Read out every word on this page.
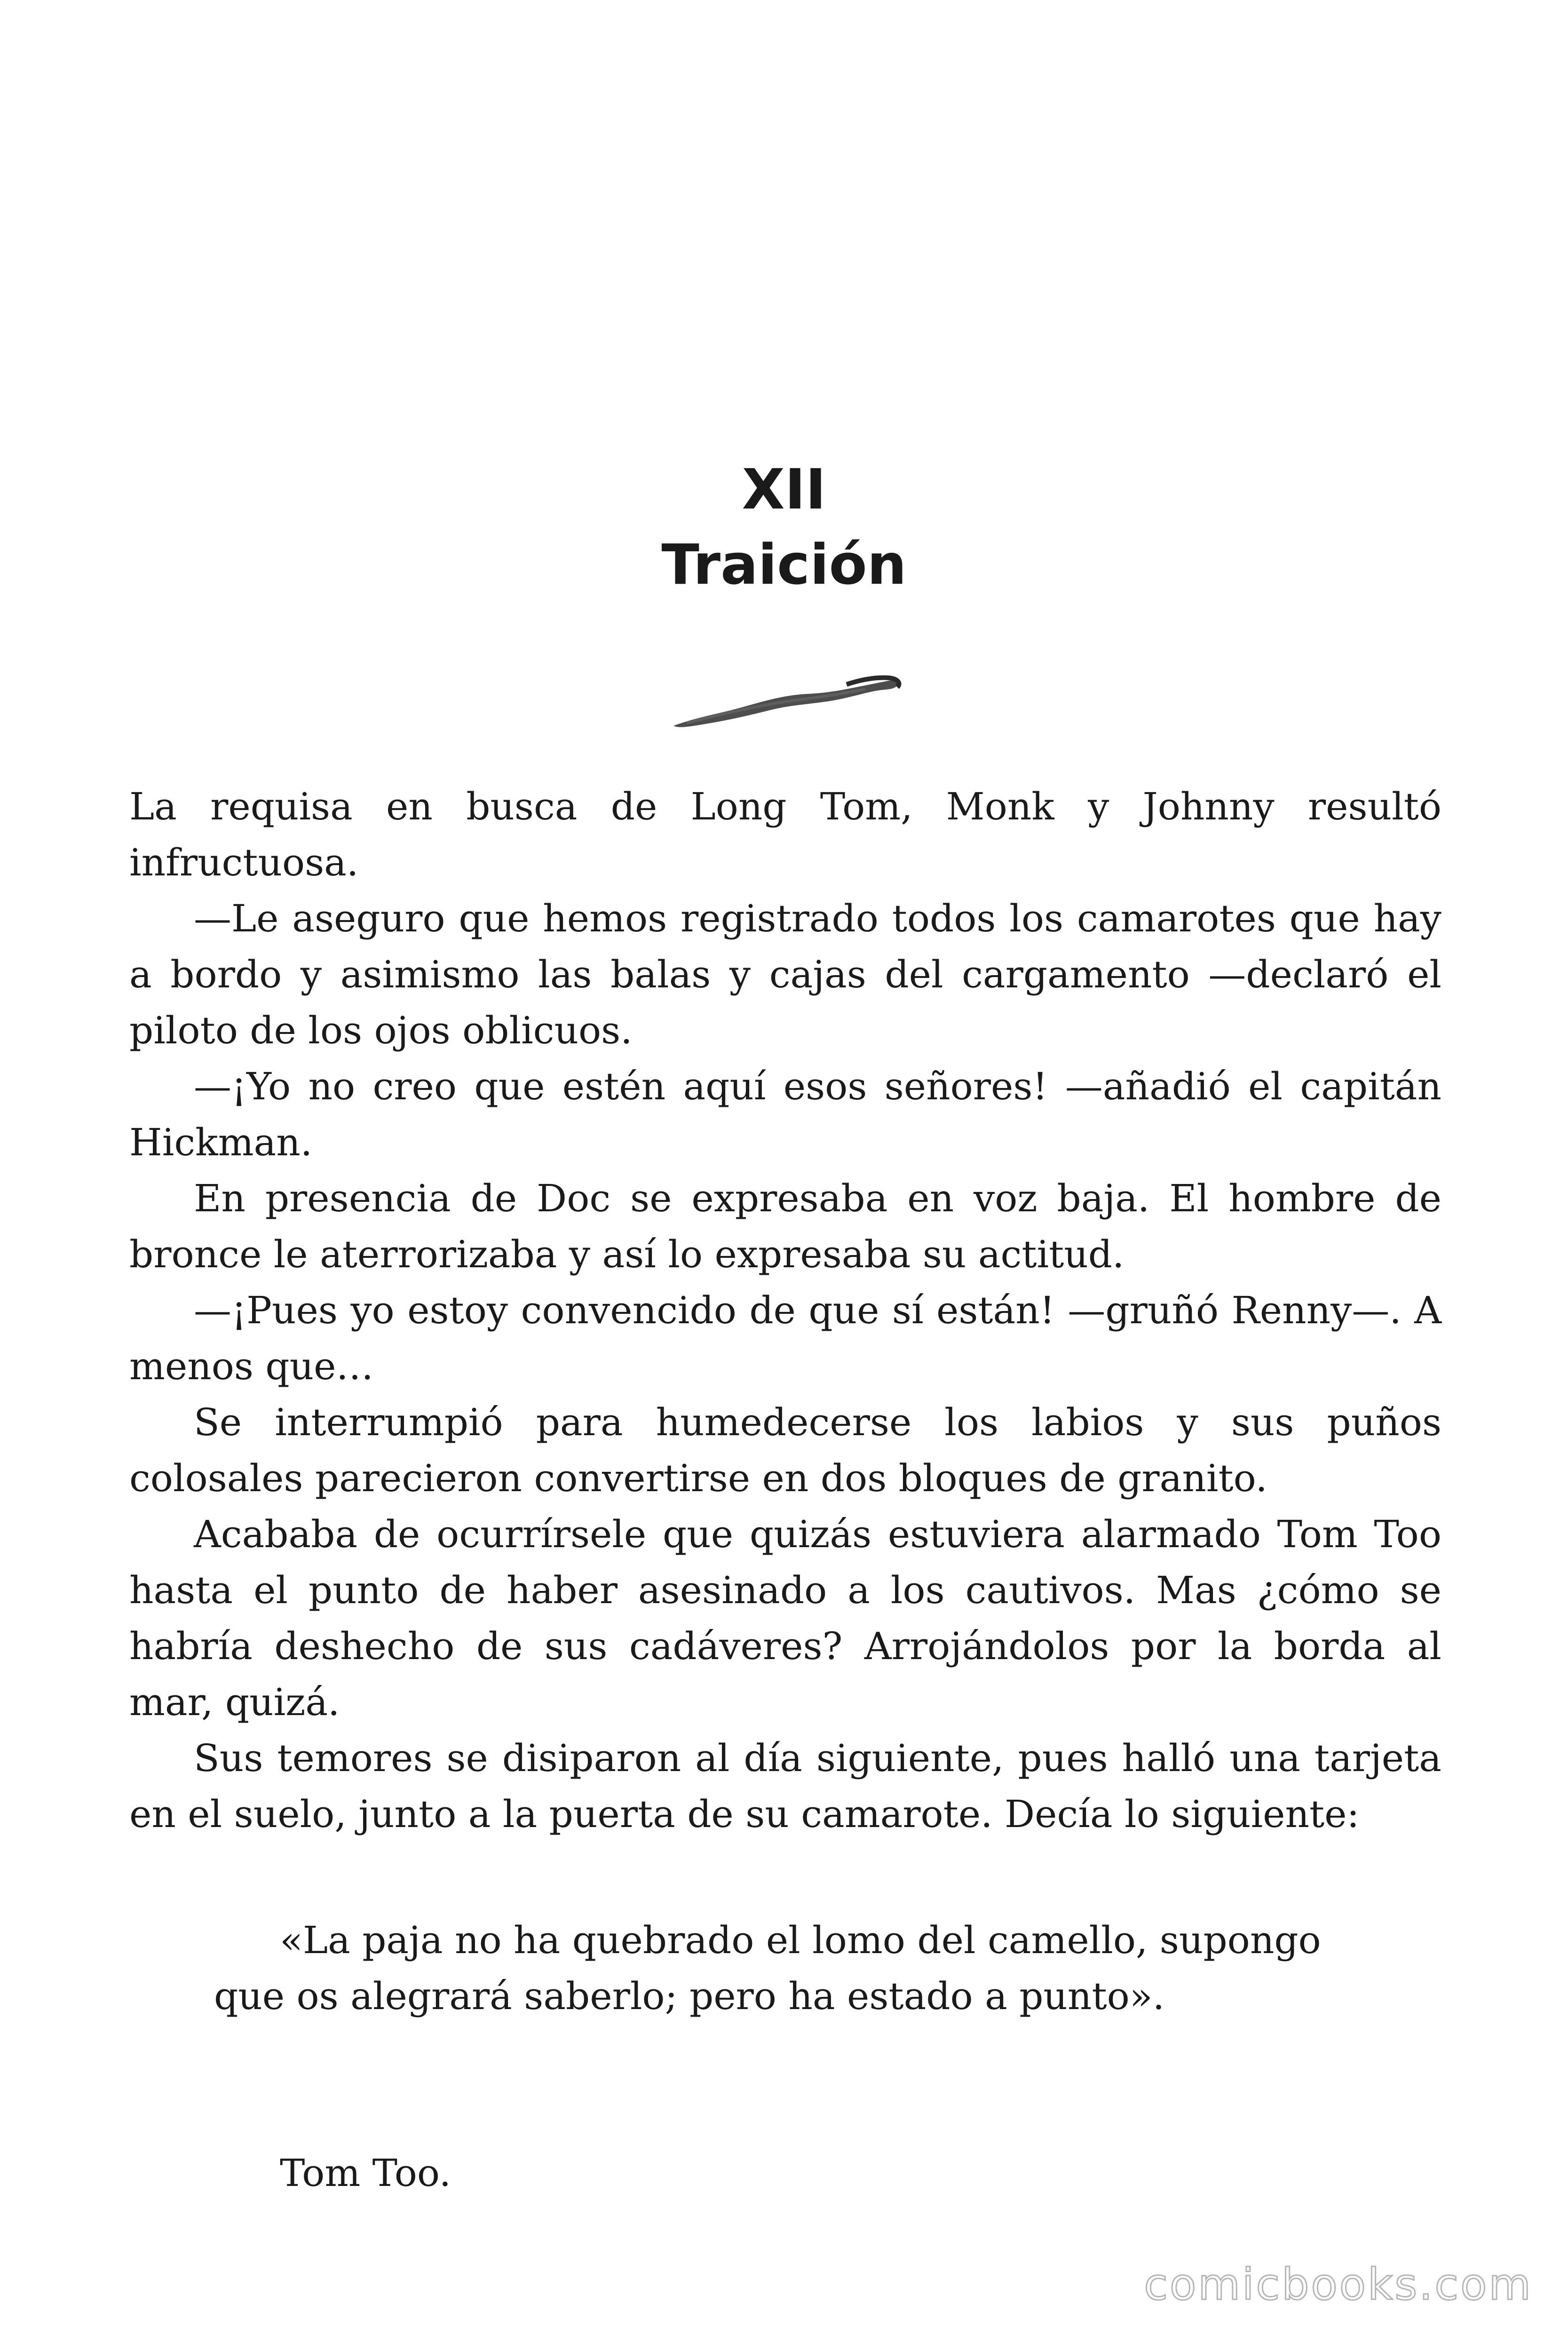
XII
Traición

La requisa en busca de Long Tom, Monk y Johnny resultó infructuosa.

—Le aseguro que hemos registrado todos los camarotes que hay a bordo y asimismo las balas y cajas del cargamento —declaró el piloto de los ojos oblicuos.

—¡Yo no creo que estén aquí esos señores! —añadió el capitán Hickman.

En presencia de Doc se expresaba en voz baja. El hombre de bronce le aterrorizaba y así lo expresaba su actitud.

—¡Pues yo estoy convencido de que sí están! —gruñó Renny—. A menos que…

Se interrumpió para humedecerse los labios y sus puños colosales parecieron convertirse en dos bloques de granito.

Acababa de ocurrírsele que quizás estuviera alarmado Tom Too hasta el punto de haber asesinado a los cautivos. Mas ¿cómo se habría deshecho de sus cadáveres? Arrojándolos por la borda al mar, quizá.

Sus temores se disiparon al día siguiente, pues halló una tarjeta en el suelo, junto a la puerta de su camarote. Decía lo siguiente:

«La paja no ha quebrado el lomo del camello, supongo que os alegrará saberlo; pero ha estado a punto».

Tom Too.
comicbooks.com
